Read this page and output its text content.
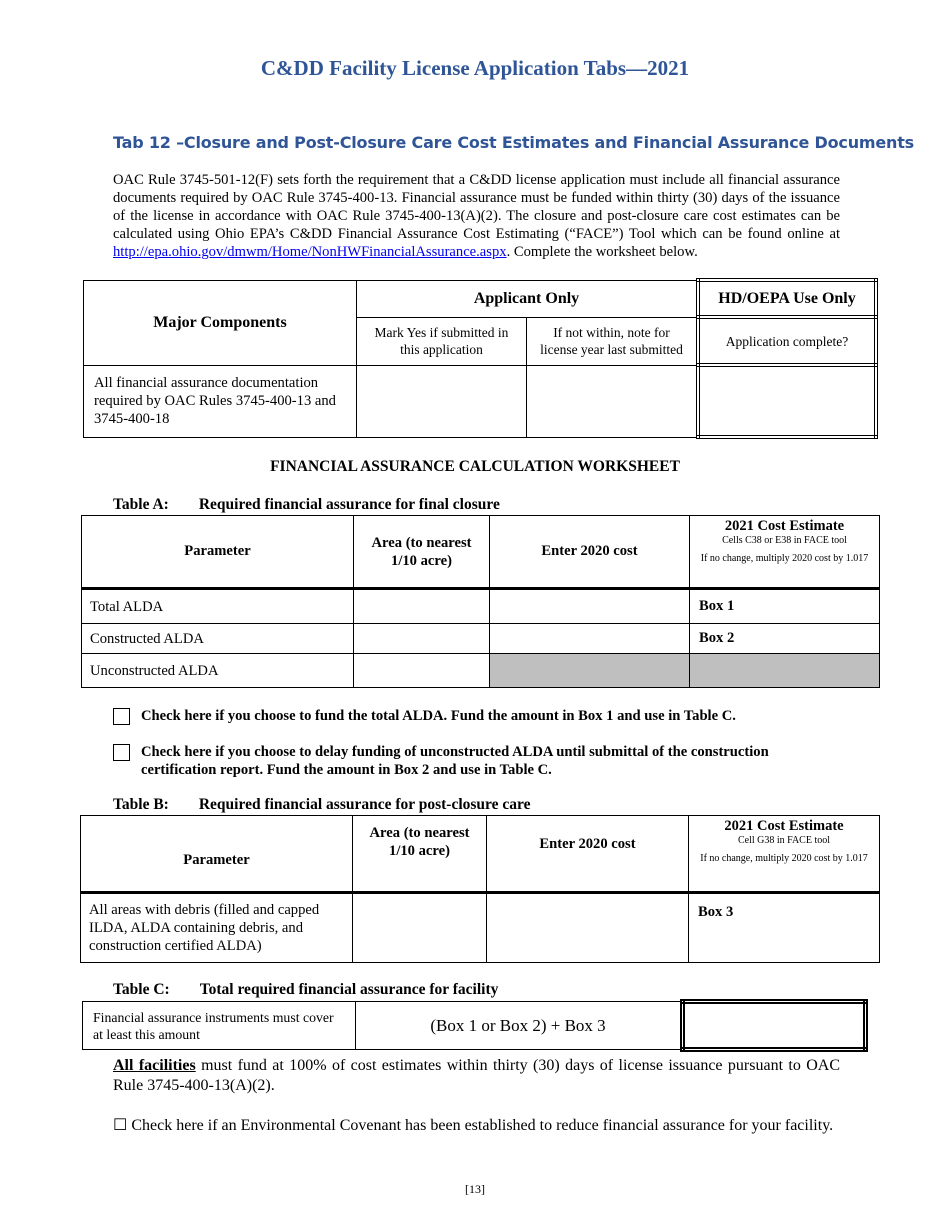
C&DD Facility License Application Tabs—2021
Tab 12 –Closure and Post-Closure Care Cost Estimates and Financial Assurance Documents
OAC Rule 3745-501-12(F) sets forth the requirement that a C&DD license application must include all financial assurance documents required by OAC Rule 3745-400-13. Financial assurance must be funded within thirty (30) days of the issuance of the license in accordance with OAC Rule 3745-400-13(A)(2). The closure and post-closure care cost estimates can be calculated using Ohio EPA’s C&DD Financial Assurance Cost Estimating (“FACE”) Tool which can be found online at http://epa.ohio.gov/dmwm/Home/NonHWFinancialAssurance.aspx. Complete the worksheet below.
Major Components	Applicant Only		HD/OEPA Use Only
	Mark Yes if submitted in this application	If not within, note for license year last submitted	Application complete?
All financial assurance documentation required by OAC Rules 3745-400-13 and 3745-400-18			
FINANCIAL ASSURANCE CALCULATION WORKSHEET
Table A: Required financial assurance for final closure
Parameter	Area (to nearest 1/10 acre)	Enter 2020 cost	2021 Cost Estimate
Cells C38 or E38 in FACE tool
If no change, multiply 2020 cost by 1.017

Total ALDA			Box 1
Constructed ALDA			Box 2
Unconstructed ALDA			
Check here if you choose to fund the total ALDA. Fund the amount in Box 1 and use in Table C.
Check here if you choose to delay funding of unconstructed ALDA until submittal of the construction certification report. Fund the amount in Box 2 and use in Table C.
Table B: Required financial assurance for post-closure care
Parameter	Area (to nearest 1/10 acre)	Enter 2020 cost	2021 Cost Estimate
Cell G38 in FACE tool
If no change, multiply 2020 cost by 1.017

All areas with debris (filled and capped ILDA, ALDA containing debris, and construction certified ALDA)			Box 3
Table C: Total required financial assurance for facility
Financial assurance instruments must cover at least this amount	(Box 1 or Box 2) + Box 3	
All facilities must fund at 100% of cost estimates within thirty (30) days of license issuance pursuant to OAC Rule 3745-400-13(A)(2).
☐ Check here if an Environmental Covenant has been established to reduce financial assurance for your facility.
[13]
